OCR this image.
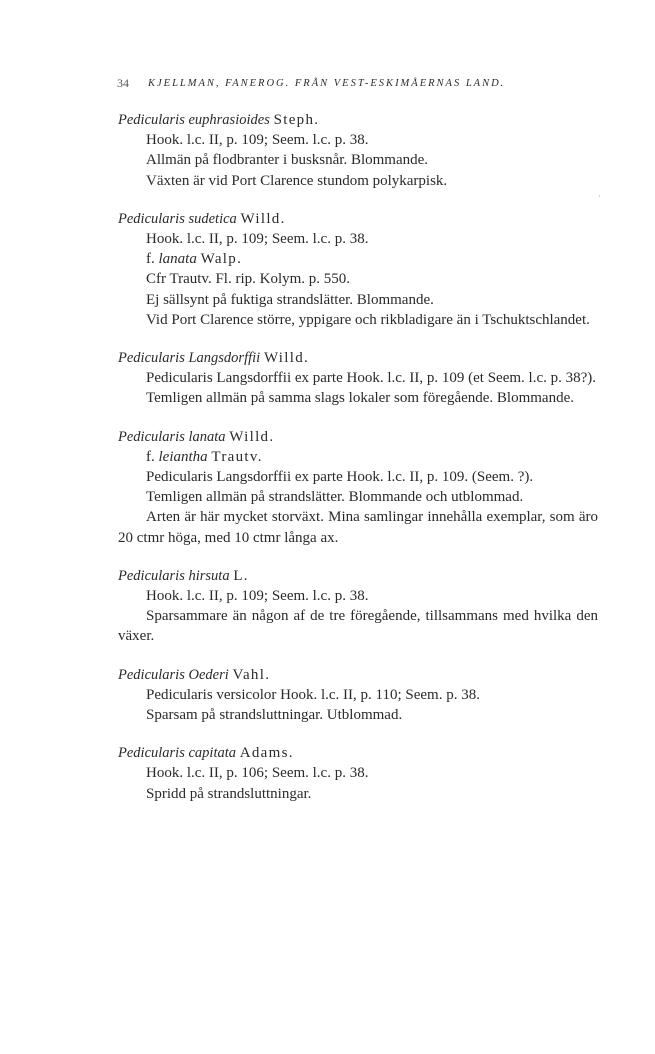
34 KJELLMAN, FANEROG. FRÅN VEST-ESKIMÅERNAS LAND.

Pedicularis euphrasioides Steph.

Hook. l.c. II, p. 109; Seem. l.c. p. 38.

Allmän på flodbranter i busksnår. Blommande.

Växten är vid Port Clarence stundom polykarpisk.

Pedicularis sudetica Willd.

Hook. l.c. II, p. 109; Seem. l.c. p. 38.

f. lanata Walp.

Cfr Trautv. Fl. rip. Kolym. p. 550.

Ej sällsynt på fuktiga strandslätter. Blommande.

Vid Port Clarence större, yppigare och rikbladigare än i Tschuktschlandet.

Pedicularis Langsdorffii Willd.

Pedicularis Langsdorffii ex parte Hook. l.c. II, p. 109 (et Seem. l.c. p. 38?).

Temligen allmän på samma slags lokaler som föregående. Blommande.

Pedicularis lanata Willd.

f. leiantha Trautv.

Pedicularis Langsdorffii ex parte Hook. l.c. II, p. 109. (Seem. ?).

Temligen allmän på strandslätter. Blommande och utblommad.

Arten är här mycket storväxt. Mina samlingar innehålla exemplar, som äro 20 ctmr höga, med 10 ctmr långa ax.

Pedicularis hirsuta L.

Hook. l.c. II, p. 109; Seem. l.c. p. 38.

Sparsammare än någon af de tre föregående, tillsammans med hvilka den växer.

Pedicularis Oederi Vahl.

Pedicularis versicolor Hook. l.c. II, p. 110; Seem. p. 38.

Sparsam på strandsluttningar. Utblommad.

Pedicularis capitata Adams.

Hook. l.c. II, p. 106; Seem. l.c. p. 38.

Spridd på strandsluttningar.

·
